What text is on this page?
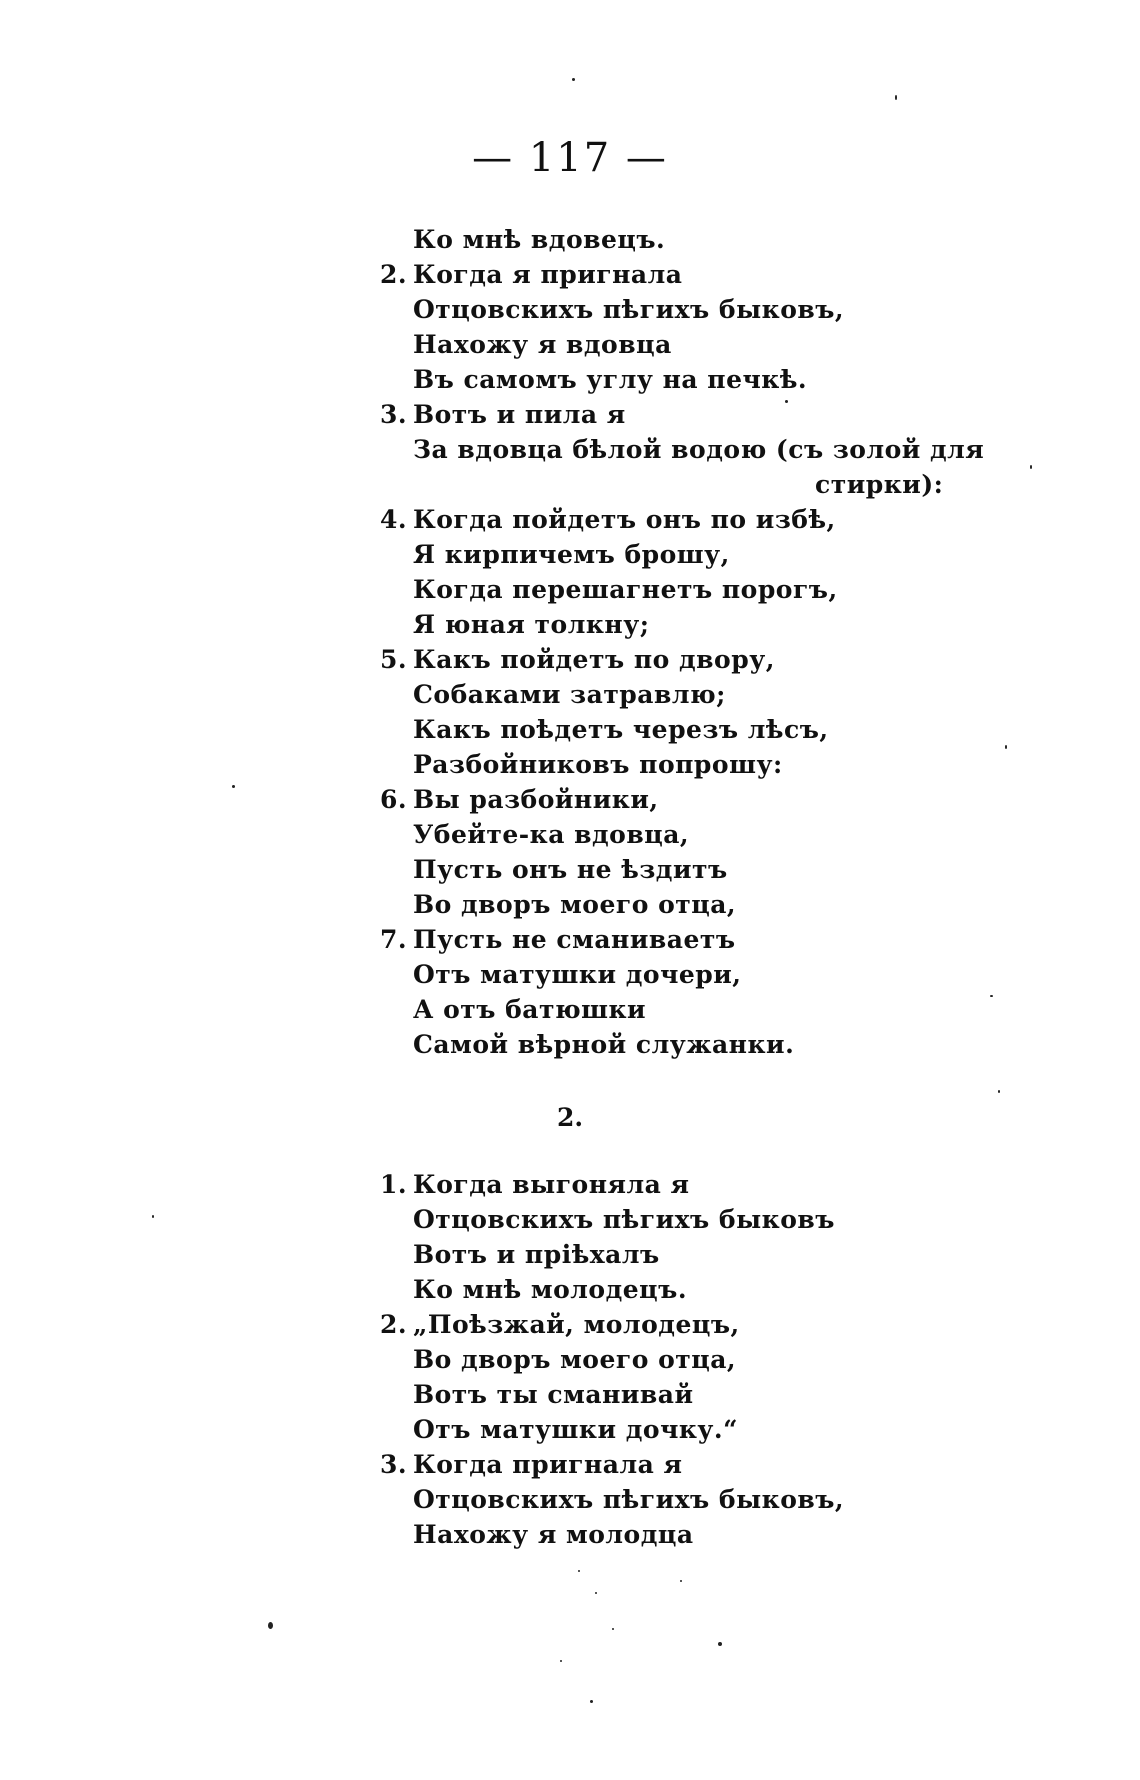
— 117 —
Ко мнѣ вдовецъ.
2. Когда я пригнала
Отцовскихъ пѣгихъ быковъ,
Нахожу я вдовца
Въ самомъ углу на печкѣ.
3. Вотъ и пила я
За вдовца бѣлой водою (съ золой для
стирки):
4. Когда пойдетъ онъ по избѣ,
Я кирпичемъ брошу,
Когда перешагнетъ порогъ,
Я юная толкну;
5. Какъ пойдетъ по двору,
Собаками затравлю;
Какъ поѣдетъ черезъ лѣсъ,
Разбойниковъ попрошу:
6. Вы разбойники,
Убейте-ка вдовца,
Пусть онъ не ѣздитъ
Во дворъ моего отца,
7. Пусть не сманиваетъ
Отъ матушки дочери,
А отъ батюшки
Самой вѣрной служанки.
2.
1. Когда выгоняла я
Отцовскихъ пѣгихъ быковъ
Вотъ и пріѣхалъ
Ко мнѣ молодецъ.
2. „Поѣзжай, молодецъ,
Во дворъ моего отца,
Вотъ ты сманивай
Отъ матушки дочку.“
3. Когда пригнала я
Отцовскихъ пѣгихъ быковъ,
Нахожу я молодца
